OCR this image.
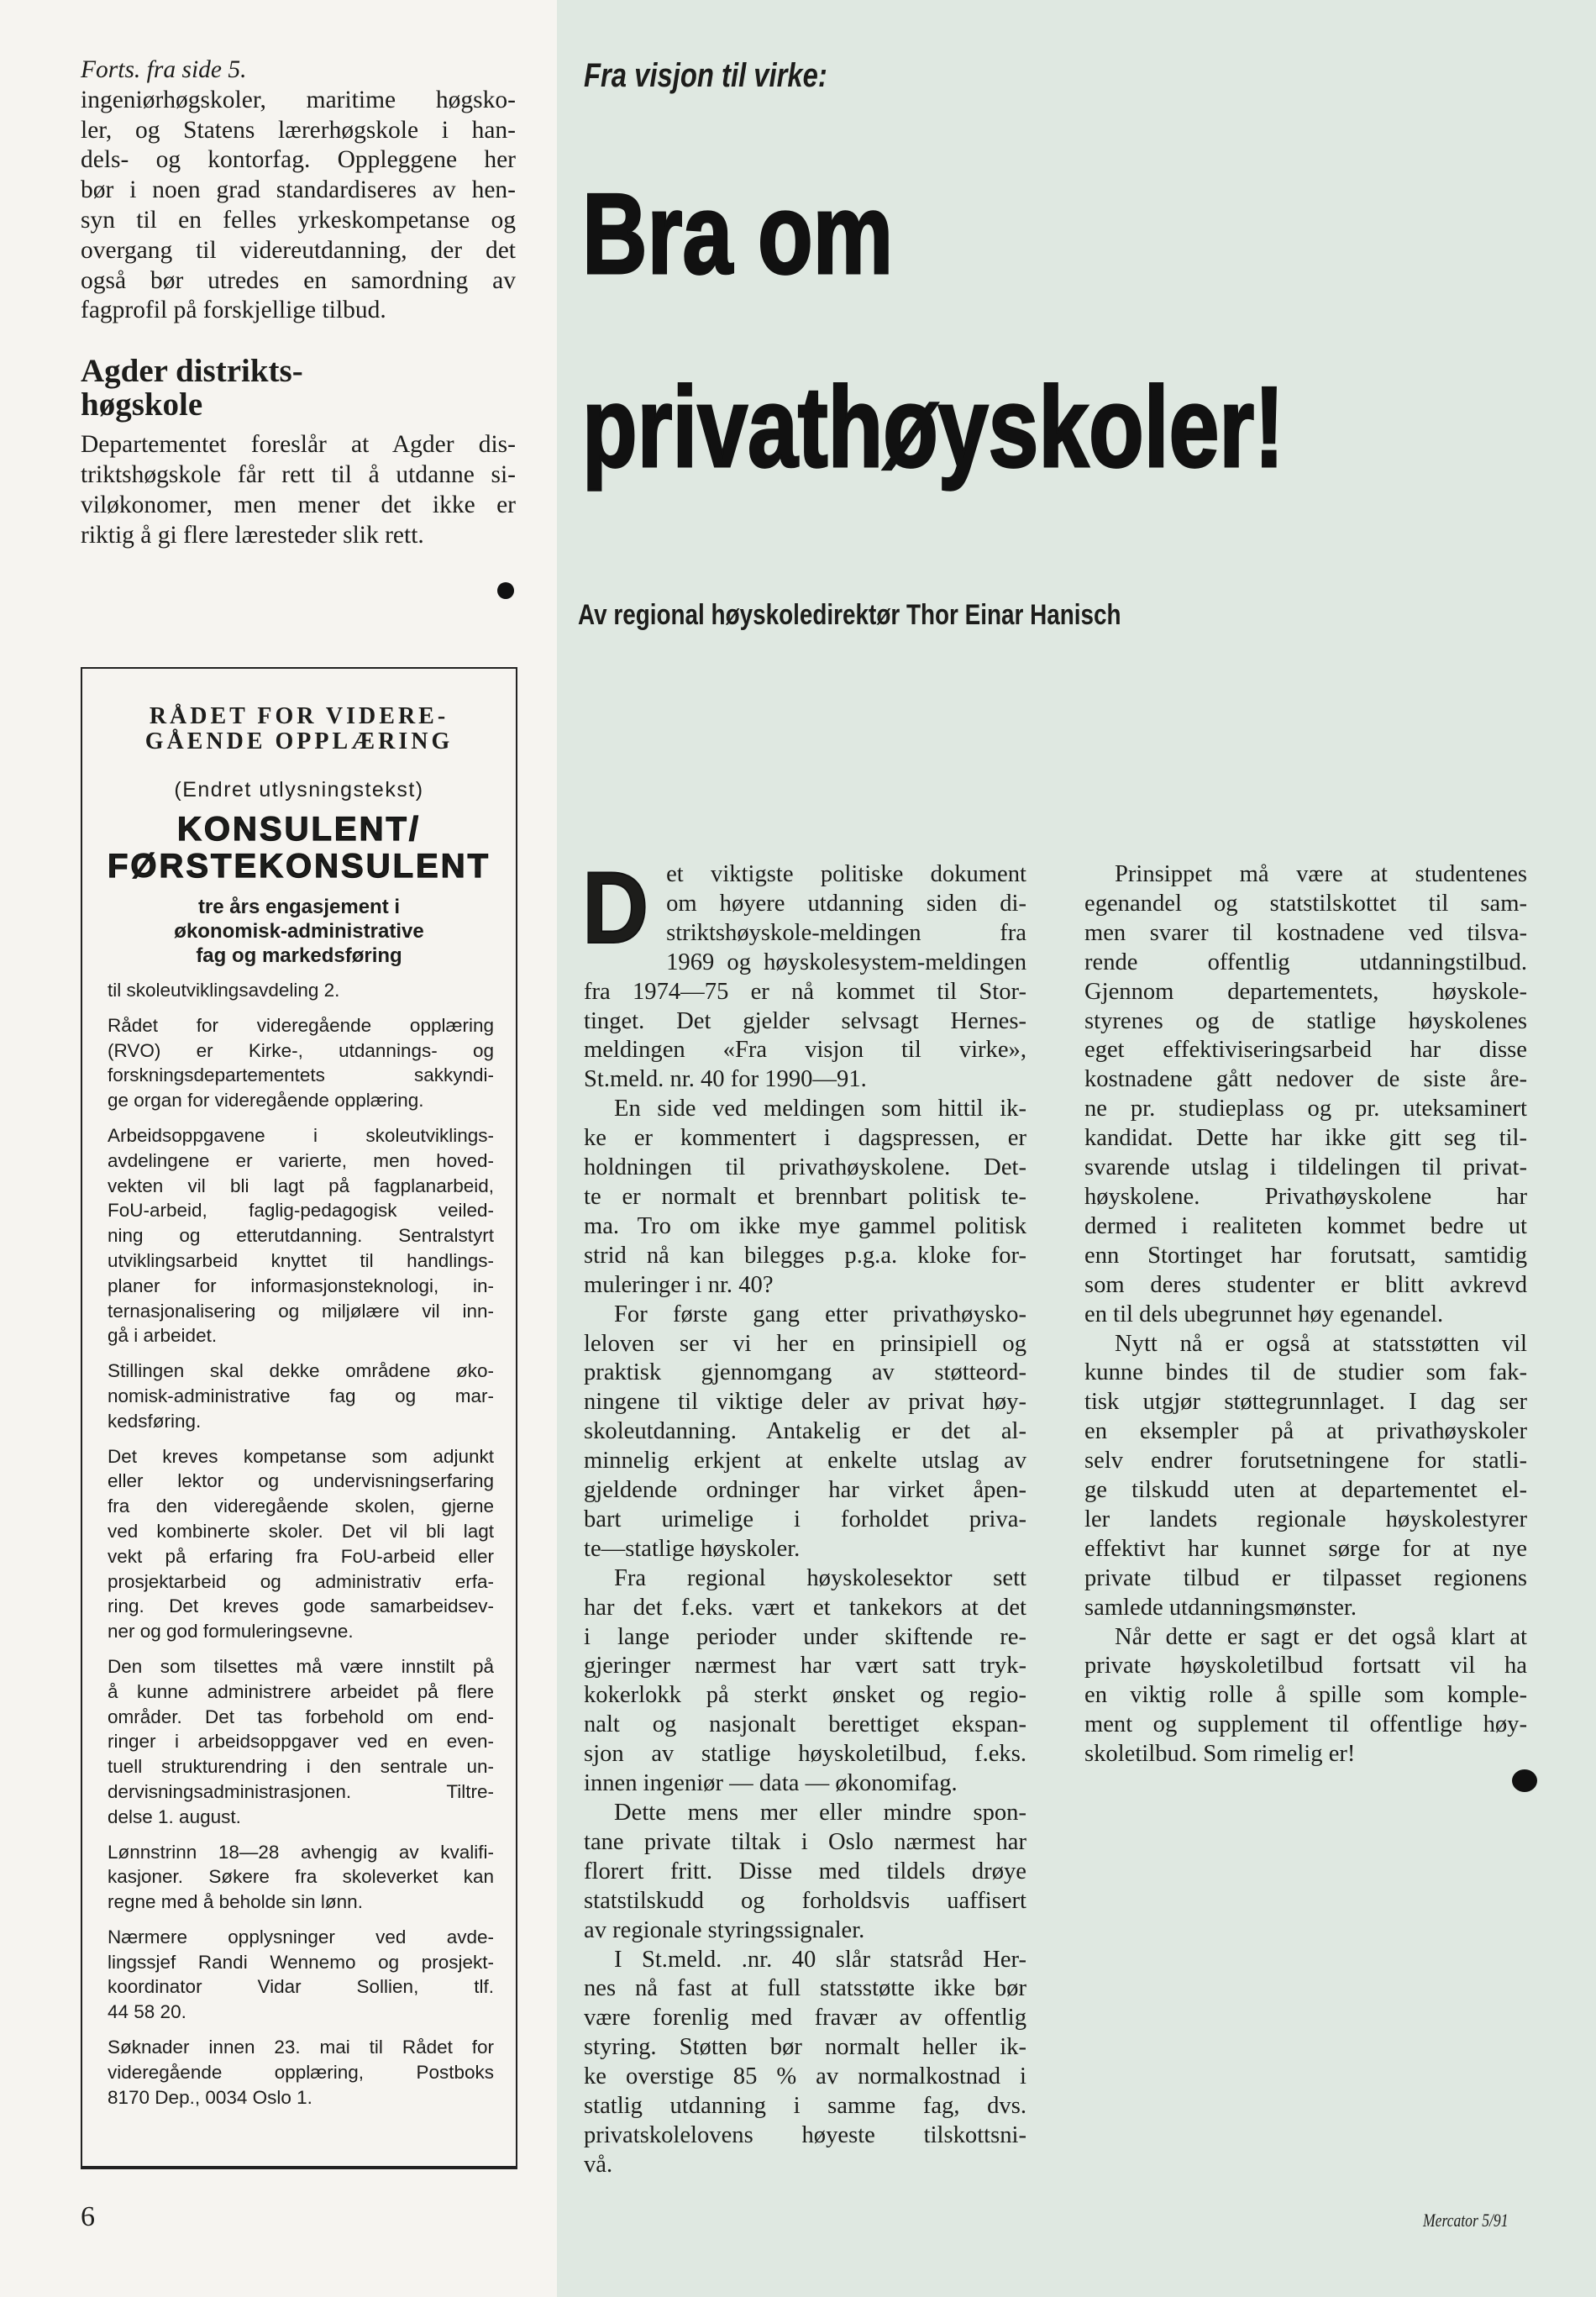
Forts. fra side 5.
ingeniørhøgskoler, maritime høgsko-
ler, og Statens lærerhøgskole i han-
dels- og kontorfag. Oppleggene her
bør i noen grad standardiseres av hen-
syn til en felles yrkeskompetanse og
overgang til videreutdanning, der det
også bør utredes en samordning av
fagprofil på forskjellige tilbud.
Agder distrikts-
høgskole
Departementet foreslår at Agder dis-
triktshøgskole får rett til å utdanne si-
viløkonomer, men mener det ikke er
riktig å gi flere læresteder slik rett.
RÅDET FOR VIDERE-
GÅENDE OPPLÆRING
(Endret utlysningstekst)
KONSULENT/
FØRSTEKONSULENT
tre års engasjement i
økonomisk-administrative
fag og markedsføring
til skoleutviklingsavdeling 2.
Rådet for videregående opplæring
(RVO) er Kirke-, utdannings- og
forskningsdepartementets sakkyndi-
ge organ for videregående opplæring.
Arbeidsoppgavene i skoleutviklings-
avdelingene er varierte, men hoved-
vekten vil bli lagt på fagplanarbeid,
FoU-arbeid, faglig-pedagogisk veiled-
ning og etterutdanning. Sentralstyrt
utviklingsarbeid knyttet til handlings-
planer for informasjonsteknologi, in-
ternasjonalisering og miljølære vil inn-
gå i arbeidet.
Stillingen skal dekke områdene øko-
nomisk-administrative fag og mar-
kedsføring.
Det kreves kompetanse som adjunkt
eller lektor og undervisningserfaring
fra den videregående skolen, gjerne
ved kombinerte skoler. Det vil bli lagt
vekt på erfaring fra FoU-arbeid eller
prosjektarbeid og administrativ erfa-
ring. Det kreves gode samarbeidsev-
ner og god formuleringsevne.
Den som tilsettes må være innstilt på
å kunne administrere arbeidet på flere
områder. Det tas forbehold om end-
ringer i arbeidsoppgaver ved en even-
tuell strukturendring i den sentrale un-
dervisningsadministrasjonen. Tiltre-
delse 1. august.
Lønnstrinn 18—28 avhengig av kvalifi-
kasjoner. Søkere fra skoleverket kan
regne med å beholde sin lønn.
Nærmere opplysninger ved avde-
lingssjef Randi Wennemo og prosjekt-
koordinator Vidar Sollien, tlf.
44 58 20.
Søknader innen 23. mai til Rådet for
videregående opplæring, Postboks
8170 Dep., 0034 Oslo 1.
Fra visjon til virke:
Bra om
privathøyskoler!
Av regional høyskoledirektør Thor Einar Hanisch
D et viktigste politiske dokument
om høyere utdanning siden di-
striktshøyskole-meldingen fra
1969 og høyskolesystem-meldingen
fra 1974—75 er nå kommet til Stor-
tinget. Det gjelder selvsagt Hernes-
meldingen «Fra visjon til virke»,
St.meld. nr. 40 for 1990—91.
En side ved meldingen som hittil ik-
ke er kommentert i dagspressen, er
holdningen til privathøyskolene. Det-
te er normalt et brennbart politisk te-
ma. Tro om ikke mye gammel politisk
strid nå kan bilegges p.g.a. kloke for-
muleringer i nr. 40?
For første gang etter privathøysko-
leloven ser vi her en prinsipiell og
praktisk gjennomgang av støtteord-
ningene til viktige deler av privat høy-
skoleutdanning. Antakelig er det al-
minnelig erkjent at enkelte utslag av
gjeldende ordninger har virket åpen-
bart urimelige i forholdet priva-
te—statlige høyskoler.
Fra regional høyskolesektor sett
har det f.eks. vært et tankekors at det
i lange perioder under skiftende re-
gjeringer nærmest har vært satt tryk-
kokerlokk på sterkt ønsket og regio-
nalt og nasjonalt berettiget ekspan-
sjon av statlige høyskoletilbud, f.eks.
innen ingeniør — data — økonomifag.
Dette mens mer eller mindre spon-
tane private tiltak i Oslo nærmest har
florert fritt. Disse med tildels drøye
statstilskudd og forholdsvis uaffisert
av regionale styringssignaler.
I St.meld. .nr. 40 slår statsråd Her-
nes nå fast at full statsstøtte ikke bør
være forenlig med fravær av offentlig
styring. Støtten bør normalt heller ik-
ke overstige 85 % av normalkostnad i
statlig utdanning i samme fag, dvs.
privatskolelovens høyeste tilskottsni-
vå.
Prinsippet må være at studentenes
egenandel og statstilskottet til sam-
men svarer til kostnadene ved tilsva-
rende offentlig utdanningstilbud.
Gjennom departementets, høyskole-
styrenes og de statlige høyskolenes
eget effektiviseringsarbeid har disse
kostnadene gått nedover de siste åre-
ne pr. studieplass og pr. uteksaminert
kandidat. Dette har ikke gitt seg til-
svarende utslag i tildelingen til privat-
høyskolene. Privathøyskolene har
dermed i realiteten kommet bedre ut
enn Stortinget har forutsatt, samtidig
som deres studenter er blitt avkrevd
en til dels ubegrunnet høy egenandel.
Nytt nå er også at statsstøtten vil
kunne bindes til de studier som fak-
tisk utgjør støttegrunnlaget. I dag ser
en eksempler på at privathøyskoler
selv endrer forutsetningene for statli-
ge tilskudd uten at departementet el-
ler landets regionale høyskolestyrer
effektivt har kunnet sørge for at nye
private tilbud er tilpasset regionens
samlede utdanningsmønster.
Når dette er sagt er det også klart at
private høyskoletilbud fortsatt vil ha
en viktig rolle å spille som komple-
ment og supplement til offentlige høy-
skoletilbud. Som rimelig er!
6	Mercator 5/91
